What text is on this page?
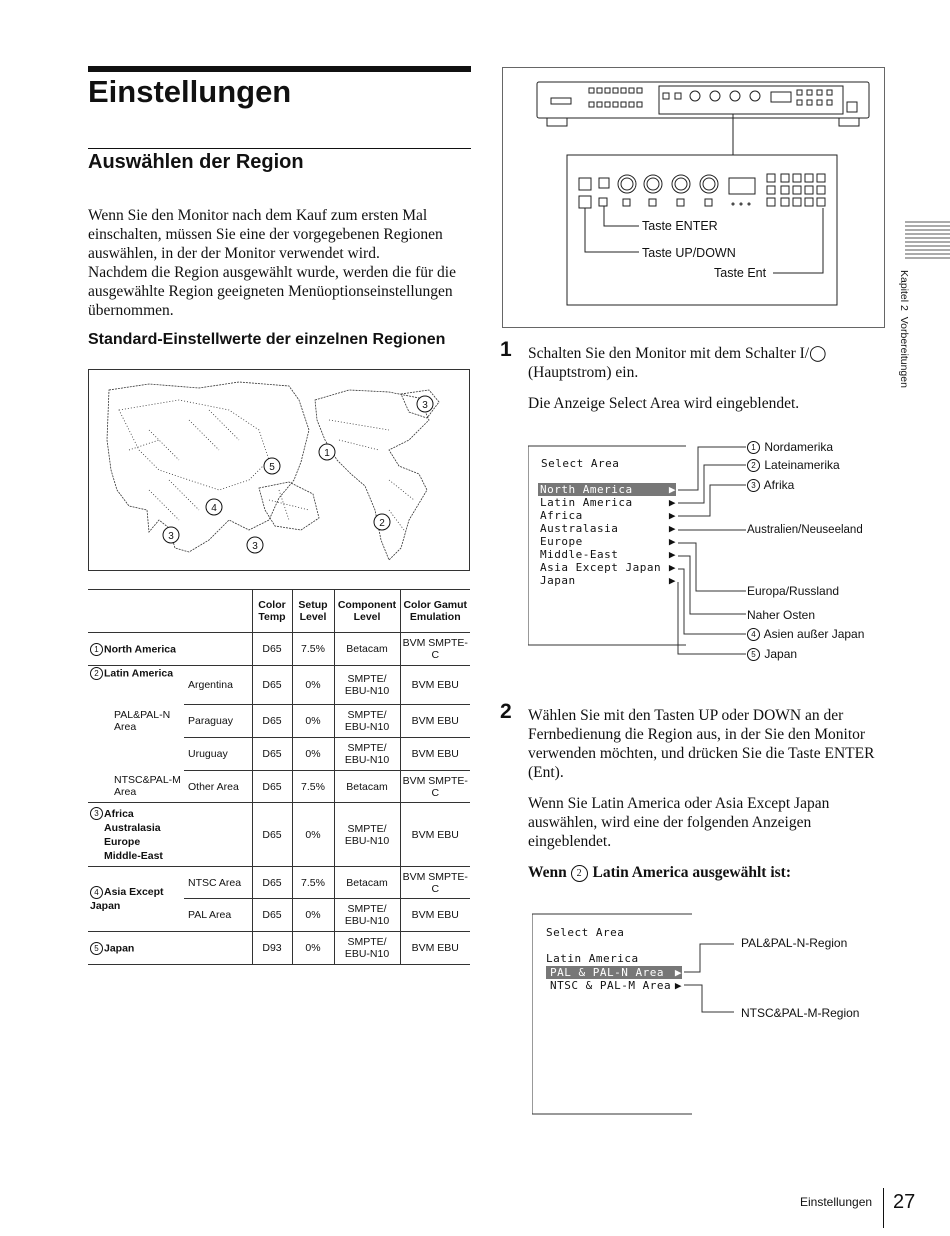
Einstellungen
Auswählen der Region

Wenn Sie den Monitor nach dem Kauf zum ersten Mal einschalten, müssen Sie eine der vorgegebenen Regionen auswählen, in der der Monitor verwendet wird.

Nachdem die Region ausgewählt wurde, werden die für die ausgewählte Region geeigneten Menüoptionseinstellungen übernommen.

Standard-Einstellwerte der einzelnen Regionen
1
2
3
3
3
4
5
		Color Temp	Setup Level	Component Level	Color Gamut Emulation
1 North America		D65	7.5%	Betacam	BVM SMPTE-C
2 Latin America	Argentina	D65	0%	SMPTE/ EBU-N10	BVM EBU
PAL&PAL-N Area	Paraguay	D65	0%	SMPTE/ EBU-N10	BVM EBU
	Uruguay	D65	0%	SMPTE/ EBU-N10	BVM EBU
NTSC&PAL-M Area	Other Area	D65	7.5%	Betacam	BVM SMPTE-C
3 Africa
Australasia
Europe
Middle-East		D65	0%	SMPTE/ EBU-N10	BVM EBU
4 Asia Except Japan	NTSC Area	D65	7.5%	Betacam	BVM SMPTE-C
	PAL Area	D65	0%	SMPTE/ EBU-N10	BVM EBU
5 Japan		D93	0%	SMPTE/ EBU-N10	BVM EBU
Taste ENTER
Taste UP/DOWN
Taste Ent
1 Schalten Sie den Monitor mit dem Schalter I/◯ (Hauptstrom) ein.

Die Anzeige Select Area wird eingeblendet.

Select Area
North America	▶
Latin America	▶
Africa	▶
Australasia	▶
Europe	▶
Middle-East	▶
Asia Except Japan ▶
Japan	▶
1 Nordamerika
2 Lateinamerika
3 Afrika
Australien/Neuseeland
Europa/Russland
Naher Osten
4 Asien außer Japan
5 Japan
2 Wählen Sie mit den Tasten UP oder DOWN an der Fernbedienung die Region aus, in der Sie den Monitor verwenden möchten, und drücken Sie die Taste ENTER (Ent).

Wenn Sie Latin America oder Asia Except Japan auswählen, wird eine der folgenden Anzeigen eingeblendet.

Wenn 2 Latin America ausgewählt ist:

Select Area
Latin America
PAL & PAL-N Area ▶
NTSC & PAL-M Area ▶
PAL&PAL-N-Region
NTSC&PAL-M-Region
Kapitel 2  Vorbereitungen
Einstellungen 27
